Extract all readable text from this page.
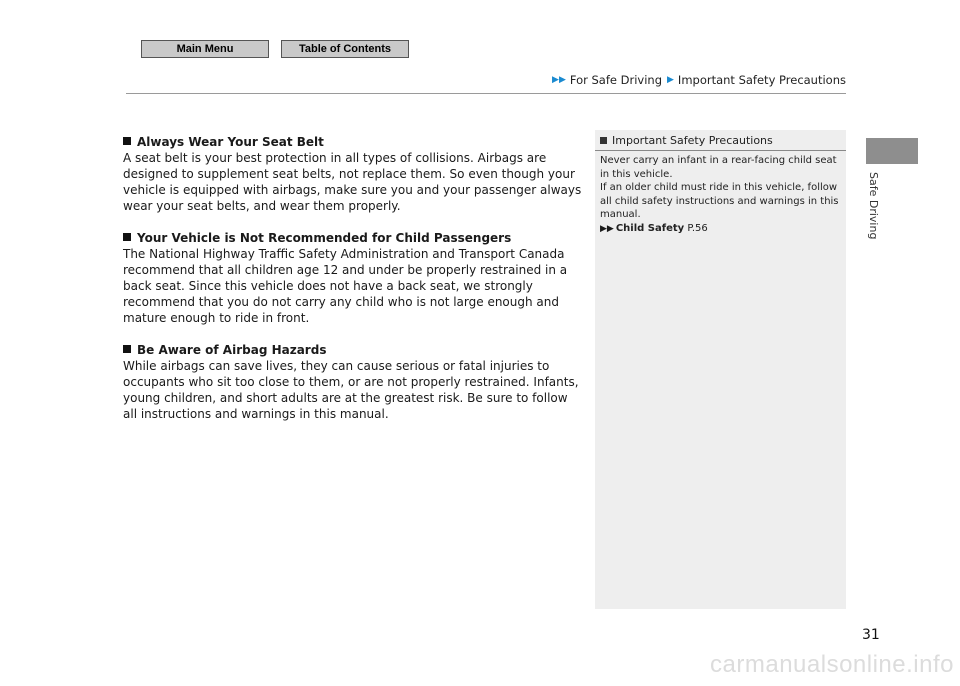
Main Menu	Table of Contents
▶▶ For Safe Driving ▶ Important Safety Precautions

Always Wear Your Seat Belt

A seat belt is your best protection in all types of collisions. Airbags are designed to supplement seat belts, not replace them. So even though your vehicle is equipped with airbags, make sure you and your passenger always wear your seat belts, and wear them properly.

Your Vehicle is Not Recommended for Child Passengers

The National Highway Traffic Safety Administration and Transport Canada recommend that all children age 12 and under be properly restrained in a back seat. Since this vehicle does not have a back seat, we strongly recommend that you do not carry any child who is not large enough and mature enough to ride in front.

Be Aware of Airbag Hazards

While airbags can save lives, they can cause serious or fatal injuries to occupants who sit too close to them, or are not properly restrained. Infants, young children, and short adults are at the greatest risk. Be sure to follow all instructions and warnings in this manual.

Important Safety Precautions

Never carry an infant in a rear-facing child seat in this vehicle.

If an older child must ride in this vehicle, follow all child safety instructions and warnings in this manual.

▶▶ Child Safety P.56	Safe Driving
31
carmanualsonline.info
